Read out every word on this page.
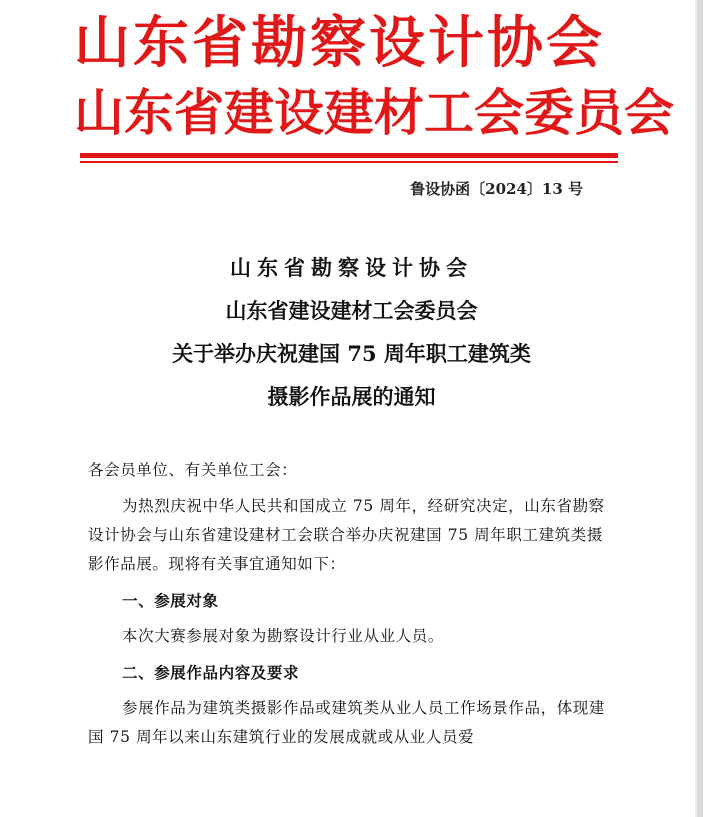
山东省勘察设计协会
山东省建设建材工会委员会
鲁设协函〔2024〕13 号
山东省勘察设计协会
山东省建设建材工会委员会
关于举办庆祝建国 75 周年职工建筑类
摄影作品展的通知

各会员单位、有关单位工会：

为热烈庆祝中华人民共和国成立 75 周年，经研究决定，山东省勘察设计协会与山东省建设建材工会联合举办庆祝建国 75 周年职工建筑类摄影作品展。现将有关事宜通知如下：

一、参展对象

本次大赛参展对象为勘察设计行业从业人员。

二、参展作品内容及要求

参展作品为建筑类摄影作品或建筑类从业人员工作场景作品，体现建国 75 周年以来山东建筑行业的发展成就或从业人员爱
